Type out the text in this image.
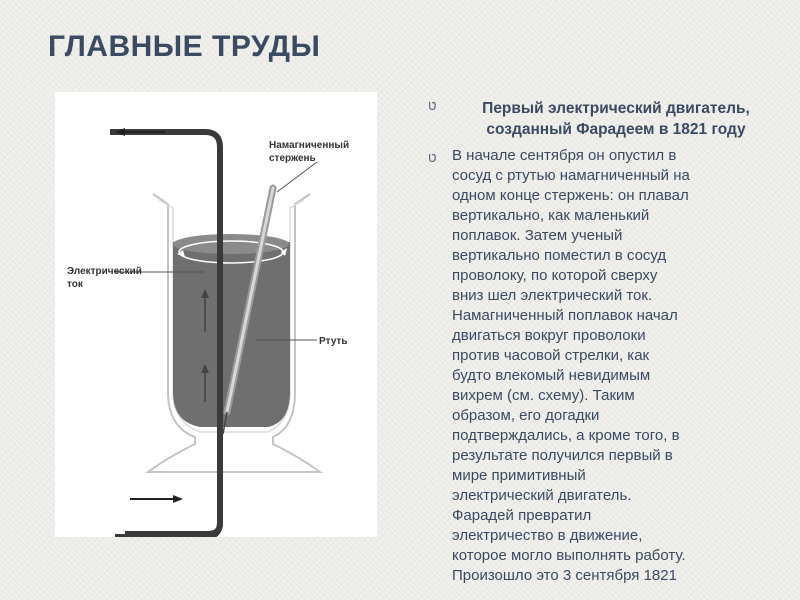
ГЛАВНЫЕ ТРУДЫ
Намагниченный стержень
Электрический ток
Ртуть
ט	Первый электрический двигатель, созданный Фарадеем в 1821 году
ט В начале сентября он опустил в
сосуд с ртутью намагниченный на
одном конце стержень: он плавал
вертикально, как маленький
поплавок. Затем ученый
вертикально поместил в сосуд
проволоку, по которой сверху
вниз шел электрический ток.
Намагниченный поплавок начал
двигаться вокруг проволоки
против часовой стрелки, как
будто влекомый невидимым
вихрем (см. схему). Таким
образом, его догадки
подтверждались, а кроме того, в
результате получился первый в
мире примитивный
электрический двигатель.
Фарадей превратил
электричество в движение,
которое могло выполнять работу.
Произошло это 3 сентября 1821
